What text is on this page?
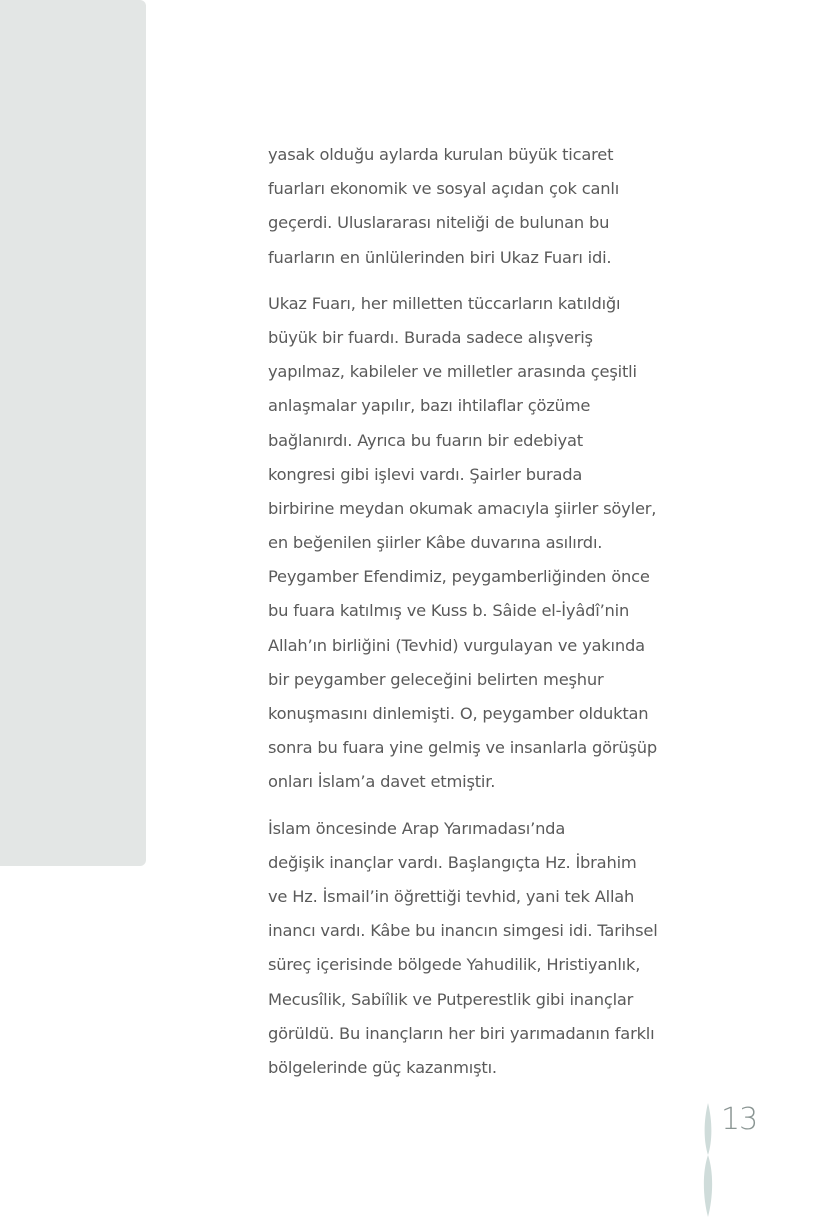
yasak olduğu aylarda kurulan büyük ticaret
fuarları ekonomik ve sosyal açıdan çok canlı
geçerdi. Uluslararası niteliği de bulunan bu
fuarların en ünlülerinden biri Ukaz Fuarı idi.
Ukaz Fuarı, her milletten tüccarların katıldığı
büyük bir fuardı. Burada sadece alışveriş
yapılmaz, kabileler ve milletler arasında çeşitli
anlaşmalar yapılır, bazı ihtilaflar çözüme
bağlanırdı. Ayrıca bu fuarın bir edebiyat
kongresi gibi işlevi vardı. Şairler burada
birbirine meydan okumak amacıyla şiirler söyler,
en beğenilen şiirler Kâbe duvarına asılırdı.
Peygamber Efendimiz, peygamberliğinden önce
bu fuara katılmış ve Kuss b. Sâide el-İyâdî’nin
Allah’ın birliğini (Tevhid) vurgulayan ve yakında
bir peygamber geleceğini belirten meşhur
konuşmasını dinlemişti. O, peygamber olduktan
sonra bu fuara yine gelmiş ve insanlarla görüşüp
onları İslam’a davet etmiştir.
İslam öncesinde Arap Yarımadası’nda
değişik inançlar vardı. Başlangıçta Hz. İbrahim
ve Hz. İsmail’in öğrettiği tevhid, yani tek Allah
inancı vardı. Kâbe bu inancın simgesi idi. Tarihsel
süreç içerisinde bölgede Yahudilik, Hristiyanlık,
Mecusîlik, Sabiîlik ve Putperestlik gibi inançlar
görüldü. Bu inançların her biri yarımadanın farklı
bölgelerinde güç kazanmıştı.
13
